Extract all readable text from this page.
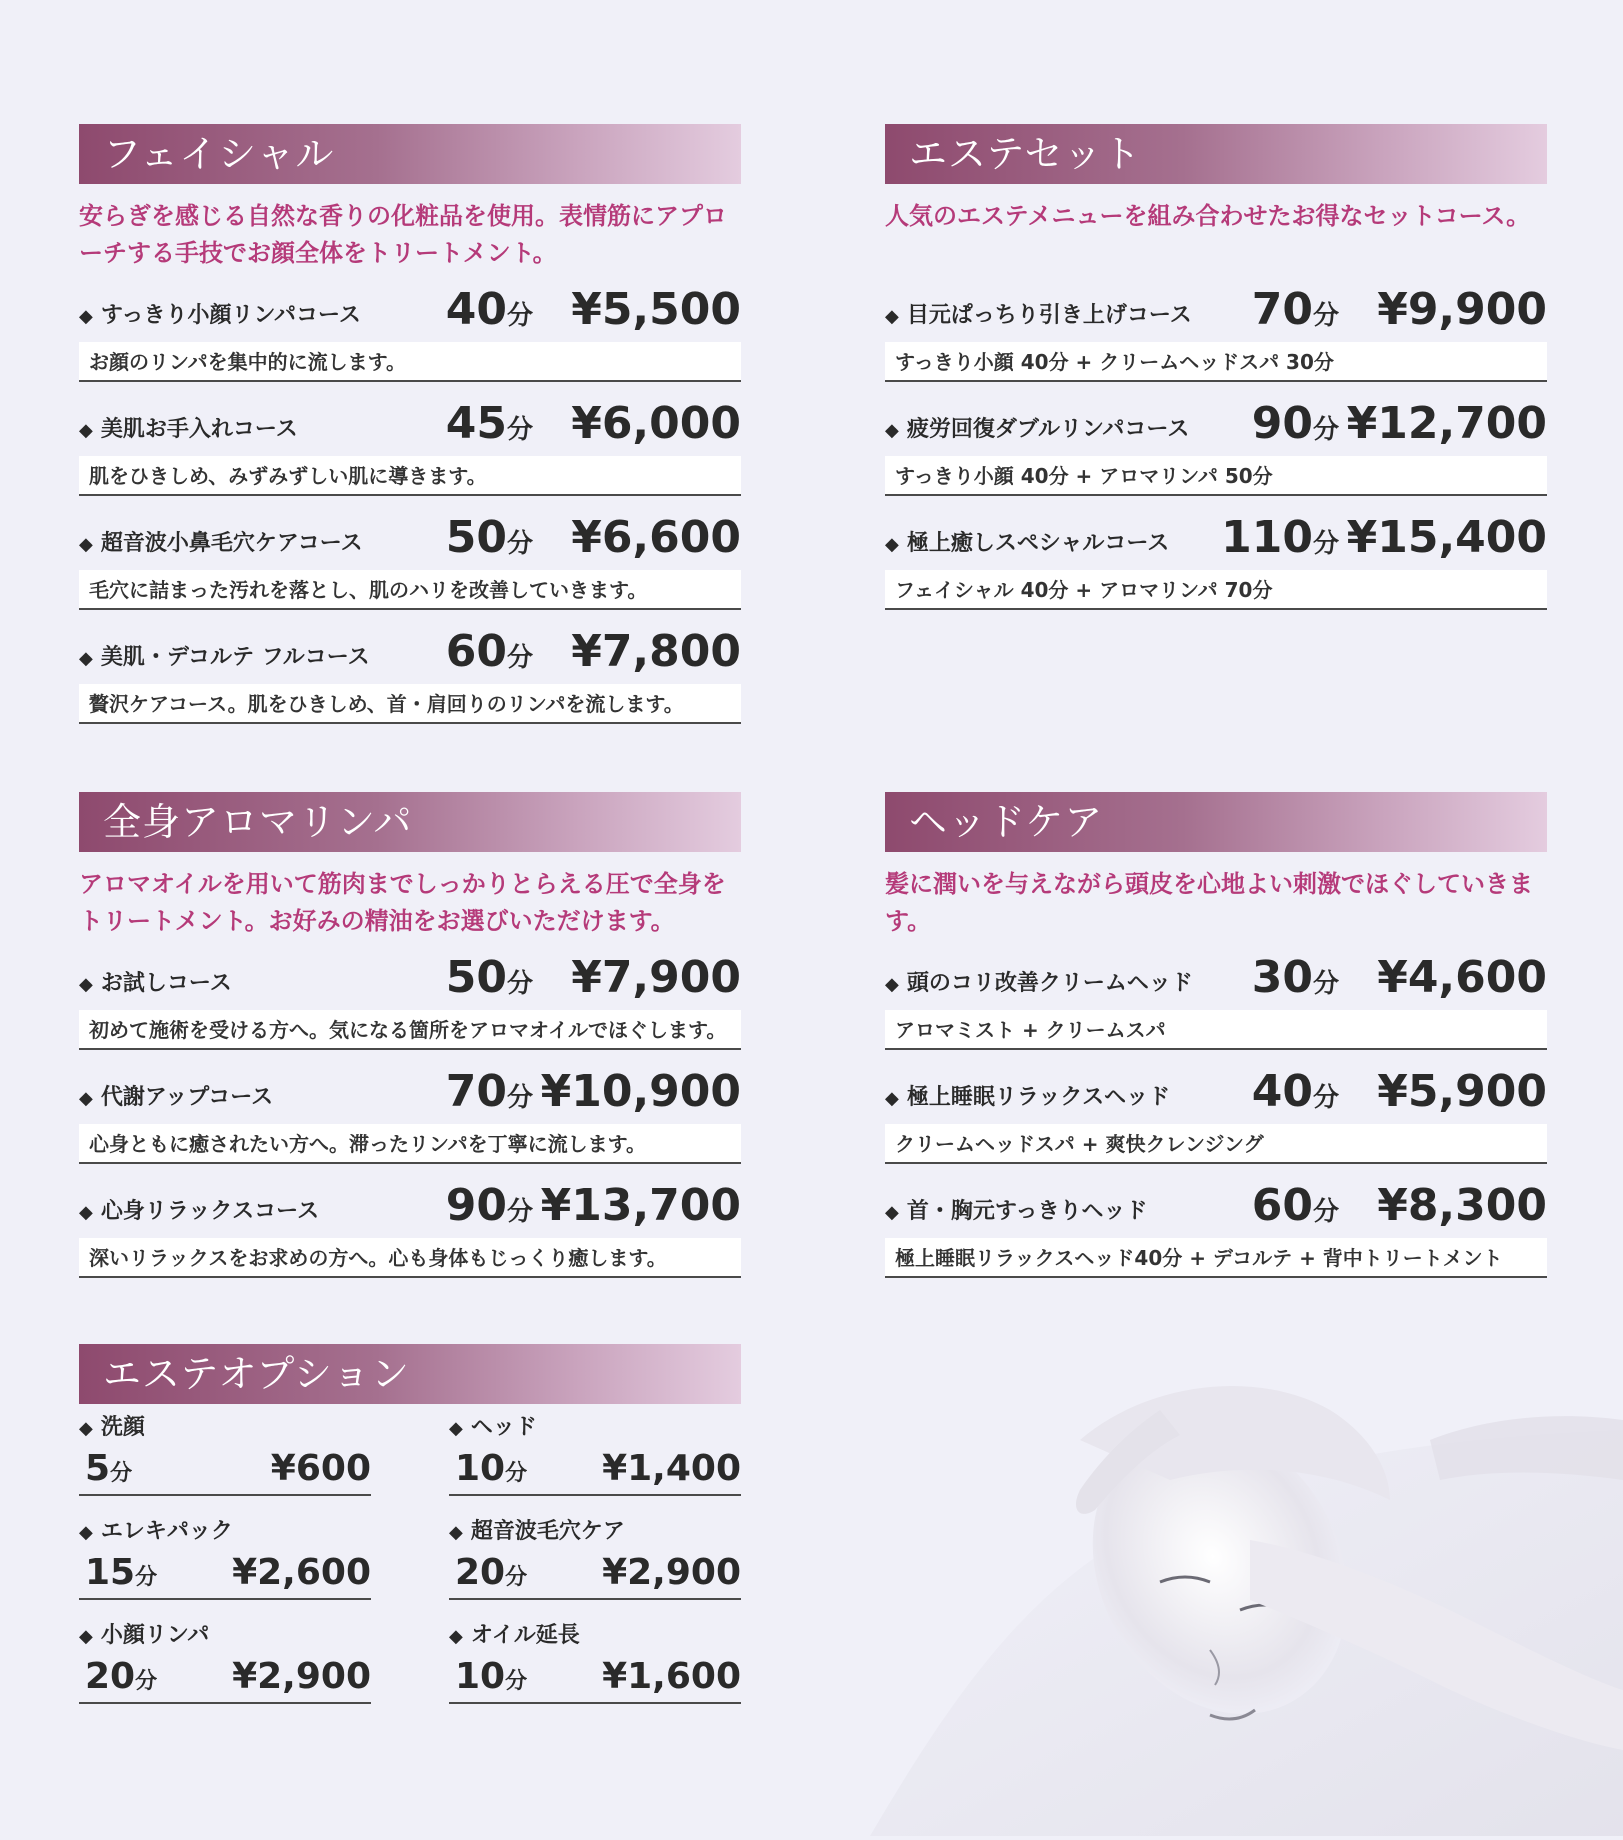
フェイシャル
安らぎを感じる自然な香りの化粧品を使用。表情筋にアプローチする手技でお顔全体をトリートメント。
◆ すっきり小顔リンパコース 40分 ¥5,500
お顔のリンパを集中的に流します。
◆ 美肌お手入れコース	45分 ¥6,000
肌をひきしめ、みずみずしい肌に導きます。
◆ 超音波小鼻毛穴ケアコース 50分 ¥6,600
毛穴に詰まった汚れを落とし、肌のハリを改善していきます。
◆ 美肌・デコルテ フルコース 60分 ¥7,800
贅沢ケアコース。肌をひきしめ、首・肩回りのリンパを流します。
エステセット
人気のエステメニューを組み合わせたお得なセットコース。
◆ 目元ぱっちり引き上げコース 70分 ¥9,900
すっきり小顔 40分 + クリームヘッドスパ 30分
◆ 疲労回復ダブルリンパコース 90分 ¥12,700
すっきり小顔 40分 + アロマリンパ 50分
◆ 極上癒しスペシャルコース 110分 ¥15,400
フェイシャル 40分 + アロマリンパ 70分
全身アロマリンパ
アロマオイルを用いて筋肉までしっかりとらえる圧で全身をトリートメント。お好みの精油をお選びいただけます。
◆ お試しコース	50分 ¥7,900
初めて施術を受ける方へ。気になる箇所をアロマオイルでほぐします。
◆ 代謝アップコース	70分 ¥10,900
心身ともに癒されたい方へ。滞ったリンパを丁寧に流します。
◆ 心身リラックスコース	90分 ¥13,700
深いリラックスをお求めの方へ。心も身体もじっくり癒します。
ヘッドケア
髪に潤いを与えながら頭皮を心地よい刺激でほぐしていきます。
◆ 頭のコリ改善クリームヘッド 30分 ¥4,600
アロマミスト + クリームスパ
◆ 極上睡眠リラックスヘッド 40分 ¥5,900
クリームヘッドスパ + 爽快クレンジング
◆ 首・胸元すっきりヘッド 60分 ¥8,300
極上睡眠リラックスヘッド40分 + デコルテ + 背中トリートメント
エステオプション
◆ 洗顔
5分	¥600
◆ ヘッド
10分 ¥1,400
◆ エレキパック
15分 ¥2,600
◆ 超音波毛穴ケア
20分 ¥2,900
◆ 小顔リンパ
20分 ¥2,900
◆ オイル延長
10分 ¥1,600
